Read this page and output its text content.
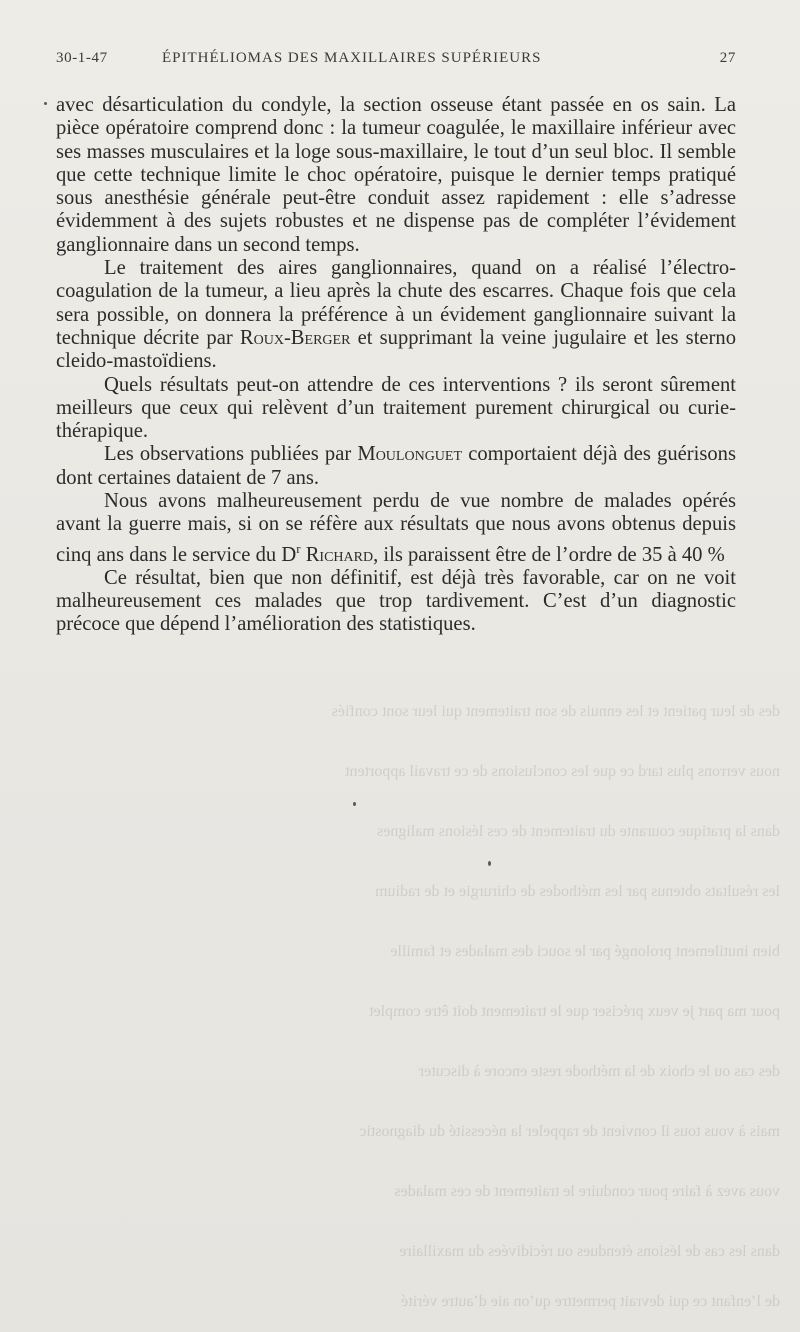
des de leur patient et les ennuis de son traitement qui leur sont confiés
nous verrons plus tard ce que les conclusions de ce travail apportent
dans la pratique courante du traitement de ces lésions malignes
les résultats obtenus par les méthodes de chirurgie et de radium
bien inutilement prolongé par le souci des malades et famille
pour ma part je veux préciser que le traitement doit être complet
des cas ou le choix de la méthode reste encore à discuter
mais à vous tous il convient de rappeler la nécessité du diagnostic
vous avez à faire pour conduire le traitement de ces malades
dans les cas de lésions étendues ou récidivées du maxillaire
de l’enfant ce qui devrait permettre qu’on aie d’autre vérité
30-1-47	ÉPITHÉLIOMAS DES MAXILLAIRES SUPÉRIEURS	27

avec désarticulation du condyle, la section osseuse étant passée en os sain. La pièce opératoire comprend donc : la tumeur coagulée, le maxillaire inférieur avec ses masses musculaires et la loge sous-maxillaire, le tout d’un seul bloc. Il semble que cette technique limite le choc opératoire, puisque le dernier temps pratiqué sous anesthésie générale peut-être conduit assez rapidement : elle s’adresse évidemment à des sujets robustes et ne dispense pas de compléter l’évidement ganglionnaire dans un second temps.

Le traitement des aires ganglionnaires, quand on a réalisé l’électro-coagulation de la tumeur, a lieu après la chute des escarres. Chaque fois que cela sera possible, on donnera la préférence à un évidement ganglionnaire suivant la technique décrite par Roux-Berger et supprimant la veine jugulaire et les sterno cleido-mastoïdiens.

Quels résultats peut-on attendre de ces interventions ? ils seront sûrement meilleurs que ceux qui relèvent d’un traitement purement chirurgical ou curie-thérapique.

Les observations publiées par Moulonguet comportaient déjà des guérisons dont certaines dataient de 7 ans.

Nous avons malheureusement perdu de vue nombre de malades opérés avant la guerre mais, si on se réfère aux résultats que nous avons obtenus depuis cinq ans dans le service du $D^r$ Richard, ils paraissent être de l’ordre de 35 à 40 %

Ce résultat, bien que non définitif, est déjà très favorable, car on ne voit malheureusement ces malades que trop tardivement. C’est d’un diagnostic précoce que dépend l’amélioration des statistiques.
